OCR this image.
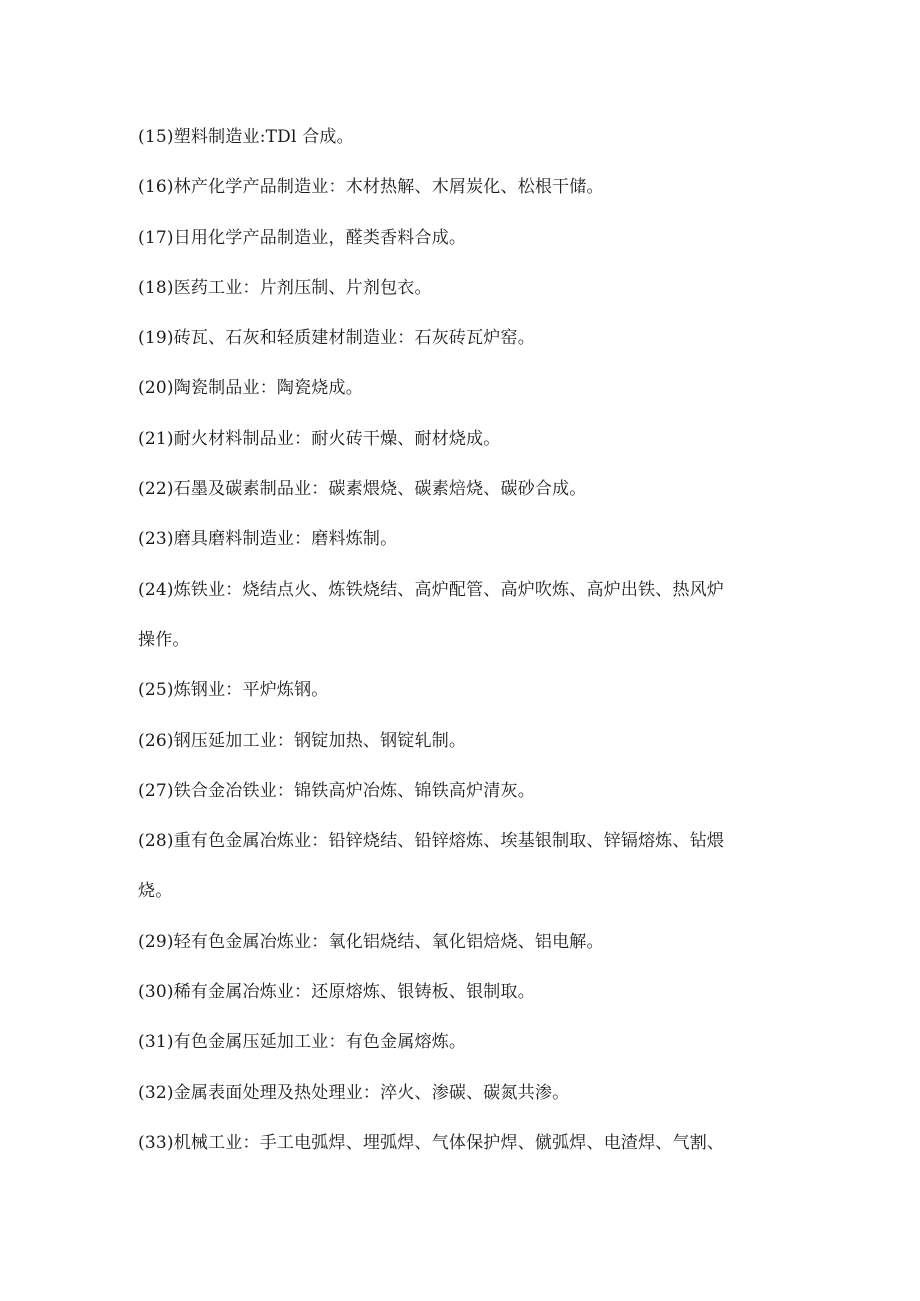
(15)塑料制造业:TDl 合成。
(16)林产化学产品制造业：木材热解、木屑炭化、松根干储。
(17)日用化学产品制造业，醛类香料合成。
(18)医药工业：片剂压制、片剂包衣。
(19)砖瓦、石灰和轻质建材制造业：石灰砖瓦炉窑。
(20)陶瓷制品业：陶瓷烧成。
(21)耐火材料制品业：耐火砖干燥、耐材烧成。
(22)石墨及碳素制品业：碳素煨烧、碳素焙烧、碳砂合成。
(23)磨具磨料制造业：磨料炼制。
(24)炼铁业：烧结点火、炼铁烧结、高炉配管、高炉吹炼、高炉出铁、热风炉
操作。
(25)炼钢业：平炉炼钢。
(26)钢压延加工业：钢锭加热、钢锭轧制。
(27)铁合金冶铁业：锦铁高炉冶炼、锦铁高炉清灰。
(28)重有色金属冶炼业：铅锌烧结、铅锌熔炼、埃基银制取、锌镉熔炼、钻煨
烧。
(29)轻有色金属冶炼业：氧化铝烧结、氧化铝焙烧、铝电解。
(30)稀有金属冶炼业：还原熔炼、银铸板、银制取。
(31)有色金属压延加工业：有色金属熔炼。
(32)金属表面处理及热处理业：淬火、渗碳、碳氮共渗。
(33)机械工业：手工电弧焊、埋弧焊、气体保护焊、僦弧焊、电渣焊、气割、
